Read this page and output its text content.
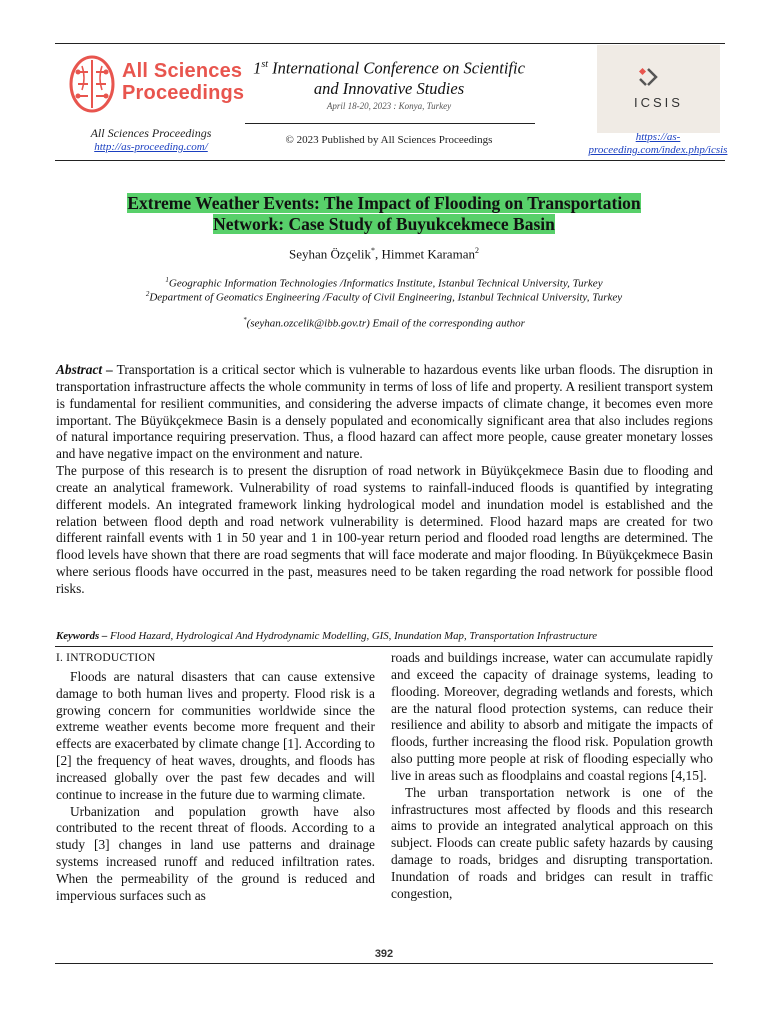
All Sciences
Proceedings
All Sciences Proceedings
http://as-proceeding.com/
1st International Conference on Scientific
and Innovative Studies
April 18-20, 2023 : Konya, Turkey
© 2023 Published by All Sciences Proceedings
ICSIS
https://as-
proceeding.com/index.php/icsis
Extreme Weather Events: The Impact of Flooding on Transportation
Network: Case Study of Buyukcekmece Basin
Seyhan Özçelik*, Himmet Karaman$^2$
$^1$Geographic Information Technologies /Informatics Institute, Istanbul Technical University, Turkey
$^2$Department of Geomatics Engineering /Faculty of Civil Engineering, Istanbul Technical University, Turkey
*(seyhan.ozcelik@ibb.gov.tr) Email of the corresponding author
Abstract – Transportation is a critical sector which is vulnerable to hazardous events like urban floods. The disruption in transportation infrastructure affects the whole community in terms of loss of life and property. A resilient transport system is fundamental for resilient communities, and considering the adverse impacts of climate change, it becomes even more important. The Büyükçekmece Basin is a densely populated and economically significant area that also includes regions of natural importance requiring preservation. Thus, a flood hazard can affect more people, cause greater monetary losses and have negative impact on the environment and nature.
The purpose of this research is to present the disruption of road network in Büyükçekmece Basin due to flooding and create an analytical framework. Vulnerability of road systems to rainfall-induced floods is quantified by integrating different models. An integrated framework linking hydrological model and inundation model is established and the relation between flood depth and road network vulnerability is determined. Flood hazard maps are created for two different rainfall events with 1 in 50 year and 1 in 100-year return period and flooded road lengths are determined. The flood levels have shown that there are road segments that will face moderate and major flooding. In Büyükçekmece Basin where serious floods have occurred in the past, measures need to be taken regarding the road network for possible flood risks.
Keywords – Flood Hazard, Hydrological And Hydrodynamic Modelling, GIS, Inundation Map, Transportation Infrastructure
I. INTRODUCTION
Floods are natural disasters that can cause extensive damage to both human lives and property. Flood risk is a growing concern for communities worldwide since the extreme weather events become more frequent and their effects are exacerbated by climate change [1]. According to [2] the frequency of heat waves, droughts, and floods has increased globally over the past few decades and will continue to increase in the future due to warming climate.
Urbanization and population growth have also contributed to the recent threat of floods. According to a study [3] changes in land use patterns and drainage systems increased runoff and reduced infiltration rates. When the permeability of the ground is reduced and impervious surfaces such as
roads and buildings increase, water can accumulate rapidly and exceed the capacity of drainage systems, leading to flooding. Moreover, degrading wetlands and forests, which are the natural flood protection systems, can reduce their resilience and ability to absorb and mitigate the impacts of floods, further increasing the flood risk. Population growth also putting more people at risk of flooding especially who live in areas such as floodplains and coastal regions [4,15].
The urban transportation network is one of the infrastructures most affected by floods and this research aims to provide an integrated analytical approach on this subject. Floods can create public safety hazards by causing damage to roads, bridges and disrupting transportation. Inundation of roads and bridges can result in traffic congestion,
392
